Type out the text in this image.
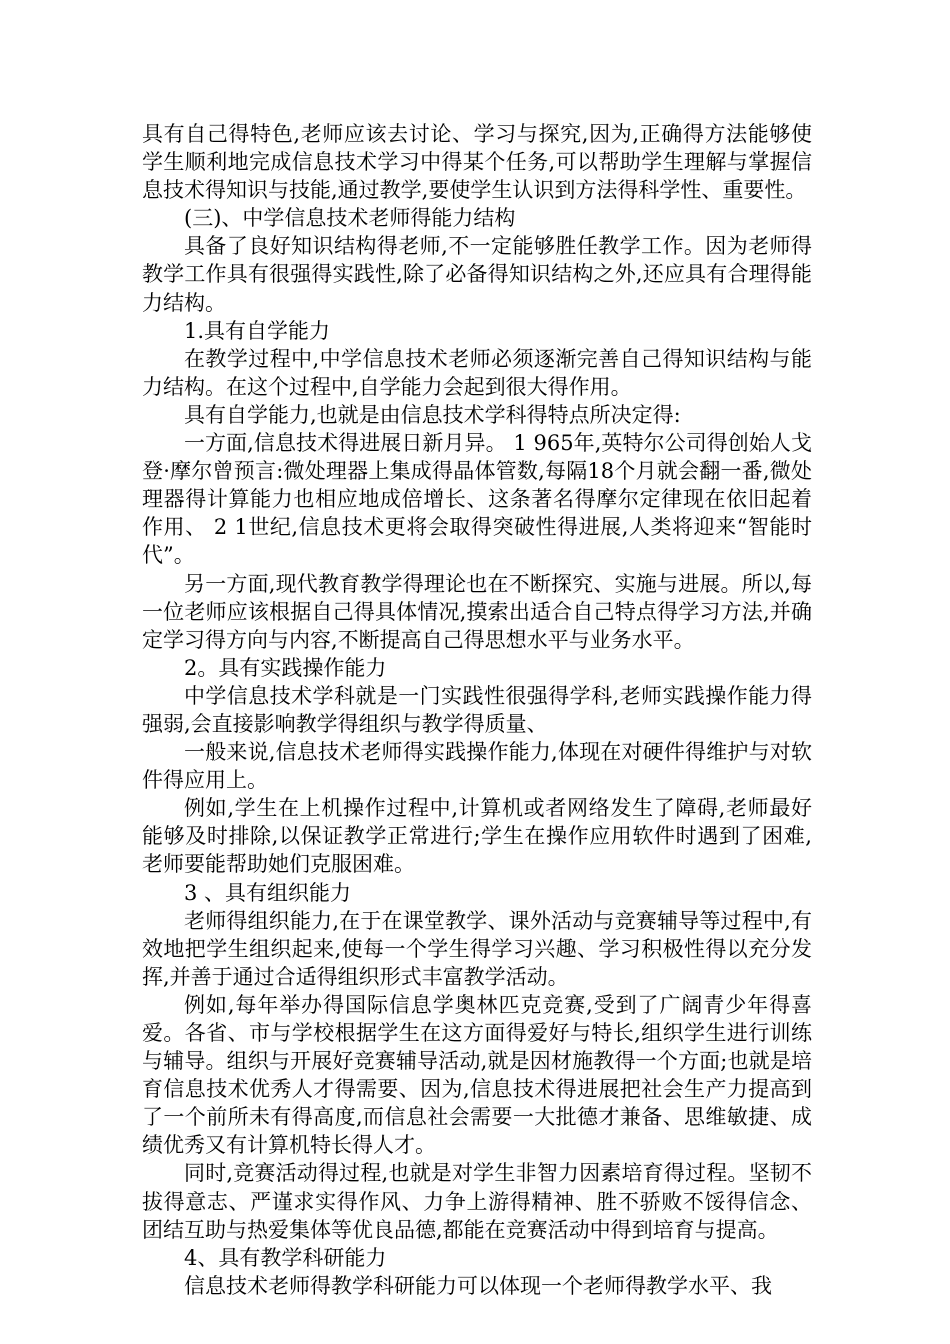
具有自己得特色,老师应该去讨论、学习与探究,因为,正确得方法能够使学生顺利地完成信息技术学习中得某个任务,可以帮助学生理解与掌握信息技术得知识与技能,通过教学,要使学生认识到方法得科学性、重要性。

(三)、中学信息技术老师得能力结构

具备了良好知识结构得老师,不一定能够胜任教学工作。因为老师得教学工作具有很强得实践性,除了必备得知识结构之外,还应具有合理得能力结构。

1.具有自学能力

在教学过程中,中学信息技术老师必须逐渐完善自己得知识结构与能力结构。在这个过程中,自学能力会起到很大得作用。

具有自学能力,也就是由信息技术学科得特点所决定得:

一方面,信息技术得进展日新月异。 1 965年,英特尔公司得创始人戈登·摩尔曾预言:微处理器上集成得晶体管数,每隔18个月就会翻一番,微处理器得计算能力也相应地成倍增长、这条著名得摩尔定律现在依旧起着作用、 2 1世纪,信息技术更将会取得突破性得进展,人类将迎来“智能时代”。

另一方面,现代教育教学得理论也在不断探究、实施与进展。所以,每一位老师应该根据自己得具体情况,摸索出适合自己特点得学习方法,并确定学习得方向与内容,不断提高自己得思想水平与业务水平。

2。具有实践操作能力

中学信息技术学科就是一门实践性很强得学科,老师实践操作能力得强弱,会直接影响教学得组织与教学得质量、

一般来说,信息技术老师得实践操作能力,体现在对硬件得维护与对软件得应用上。

例如,学生在上机操作过程中,计算机或者网络发生了障碍,老师最好能够及时排除,以保证教学正常进行;学生在操作应用软件时遇到了困难,老师要能帮助她们克服困难。

3 、具有组织能力

老师得组织能力,在于在课堂教学、课外活动与竞赛辅导等过程中,有效地把学生组织起来,使每一个学生得学习兴趣、学习积极性得以充分发挥,并善于通过合适得组织形式丰富教学活动。

例如,每年举办得国际信息学奥林匹克竞赛,受到了广阔青少年得喜爱。各省、市与学校根据学生在这方面得爱好与特长,组织学生进行训练与辅导。组织与开展好竞赛辅导活动,就是因材施教得一个方面;也就是培育信息技术优秀人才得需要、因为,信息技术得进展把社会生产力提高到了一个前所未有得高度,而信息社会需要一大批德才兼备、思维敏捷、成绩优秀又有计算机特长得人才。

同时,竞赛活动得过程,也就是对学生非智力因素培育得过程。坚韧不拔得意志、严谨求实得作风、力争上游得精神、胜不骄败不馁得信念、团结互助与热爱集体等优良品德,都能在竞赛活动中得到培育与提高。

4、具有教学科研能力

信息技术老师得教学科研能力可以体现一个老师得教学水平、我
